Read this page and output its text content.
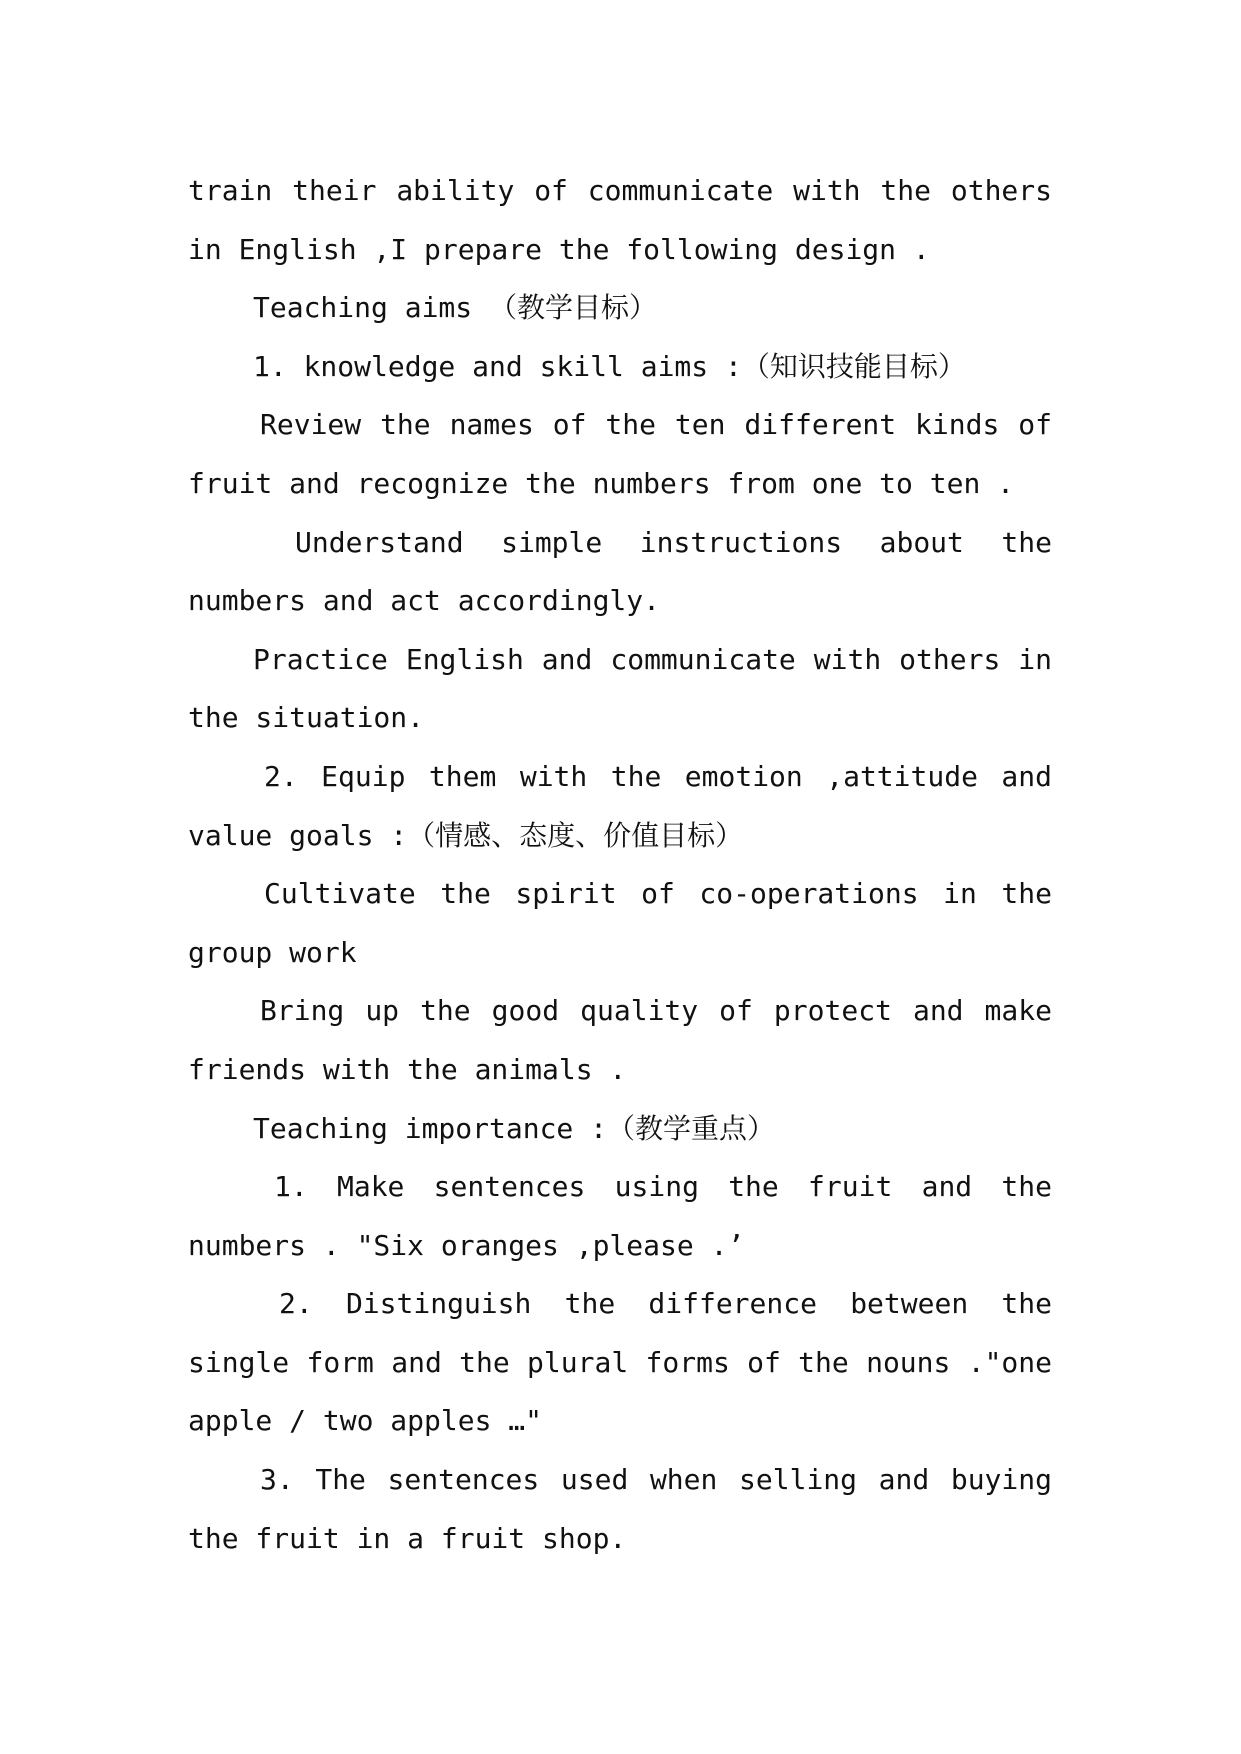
train their ability of communicate with the others in English ,I prepare the following design .

Teaching aims （教学目标）

1. knowledge and skill aims :（知识技能目标）

Review the names of the ten different kinds of fruit and recognize the numbers from one to ten .

Understand simple instructions about the numbers and act accordingly.

Practice English and communicate with others in the situation.

2. Equip them with the emotion ,attitude and value goals :（情感、态度、价值目标）

Cultivate the spirit of co-operations in the group work

Bring up the good quality of protect and make friends with the animals .

Teaching importance :（教学重点）

1. Make sentences using the fruit and the numbers . "Six oranges ,please .’

2. Distinguish the difference between the single form and the plural forms of the nouns ."one apple / two apples …"

3. The sentences used when selling and buying the fruit in a fruit shop.
